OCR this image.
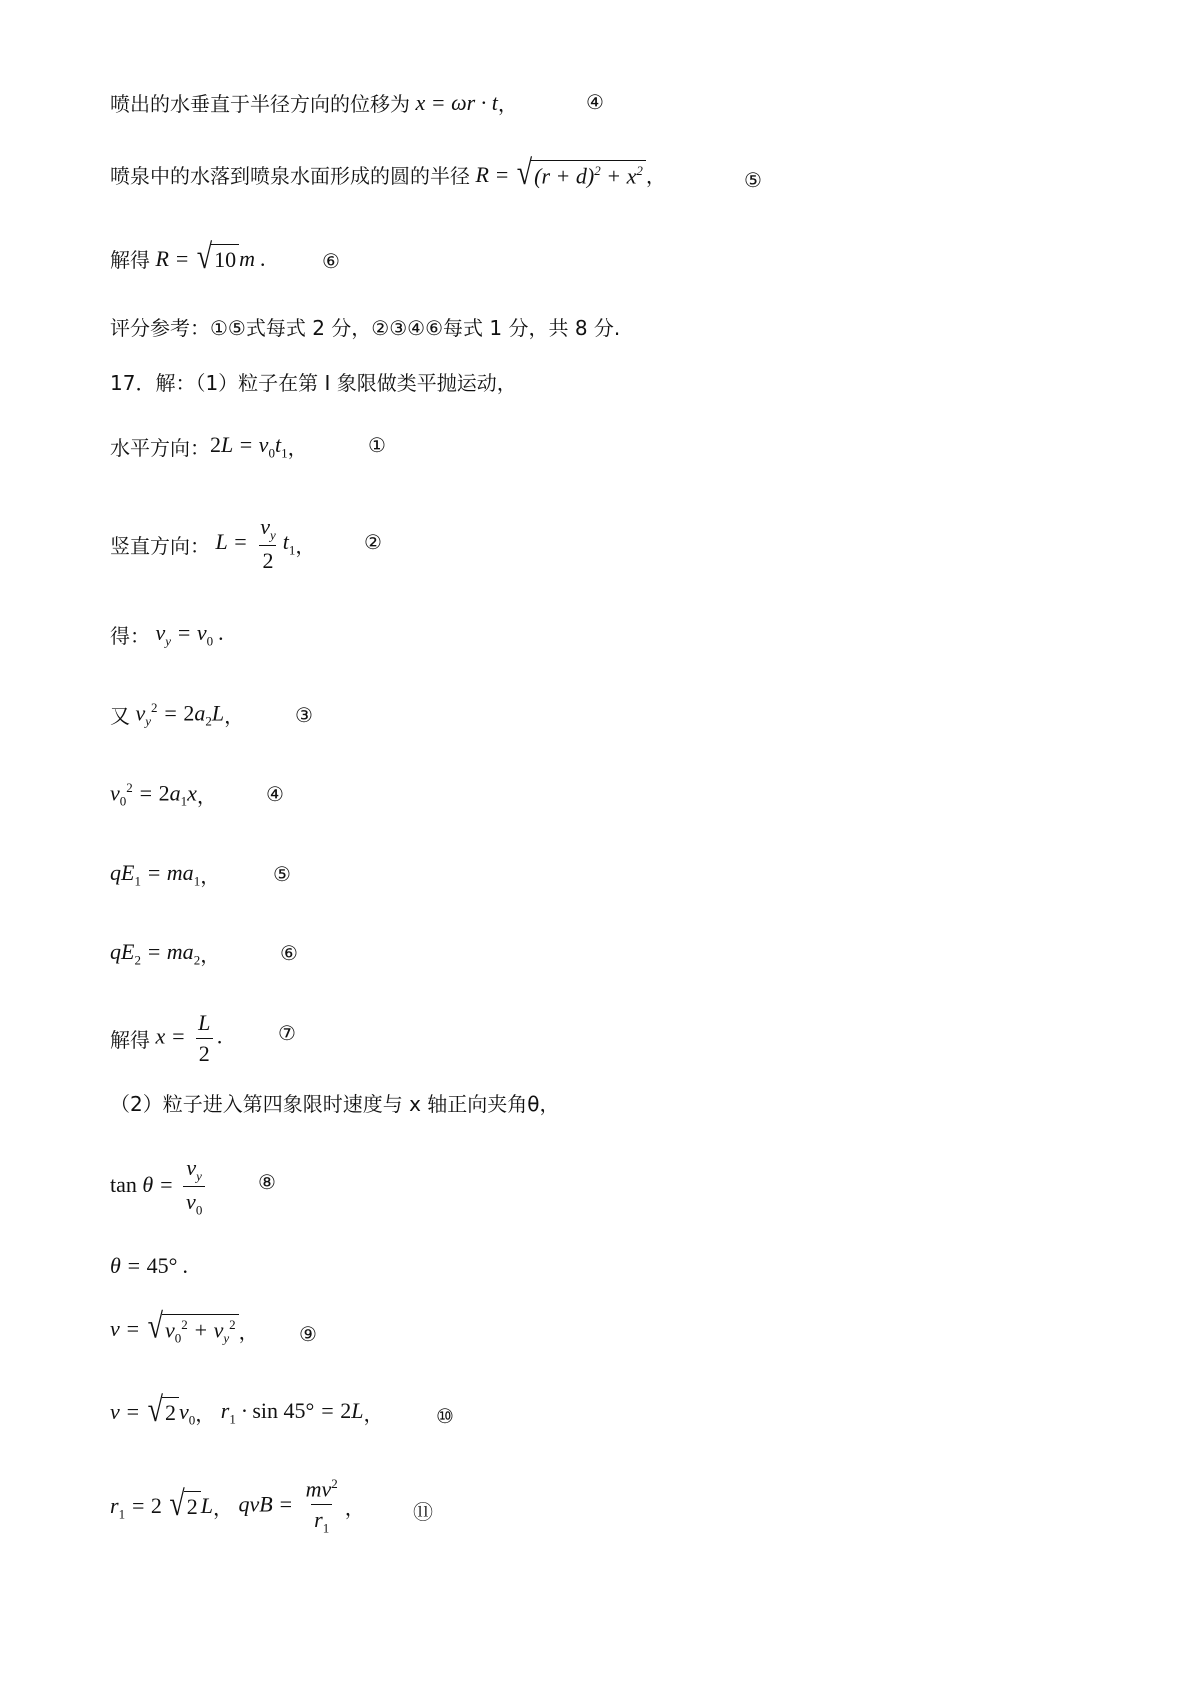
喷出的水垂直于半径方向的位移为 x = ωr · t ，	④
喷泉中的水落到喷泉水面形成的圆的半径 R = √ $(r + d)^2 + x^2$ ，	⑤
解得 R = √ 10 m .	⑥
评分参考：①⑤式每式 2 分，②③④⑥每式 1 分，共 8 分.
17．解：（1）粒子在第 Ⅰ 象限做类平抛运动，
水平方向： $2L = v_0t_1$ ，	①
竖直方向： $L = \frac{v_y}{2} t_1$ ， ②
得： $v_y = v_0$ .
又 $v_y^2 = 2a_2L$ ，	③
$v_0^2 = 2a_1x$ ， ④
$qE_1 = ma_1$ ，	⑤
$qE_2 = ma_2$ ，	⑥
解得 $x = \frac{L}{2}$ .	⑦
（2）粒子进入第四象限时速度与 x 轴正向夹角θ，
$\tan \theta = \frac{v_y}{v_0}$	⑧
θ = 45° .
v = √ $v_0^2 + v_y^2$ ， ⑨
v = √ 2 $v_0$ ， $r_1 \cdot \sin 45^\circ = 2L$ ，	⑩
$r_1 = 2$ √ 2 L ， qvB = $\frac{mv^2}{r_1}$ ， ⑪
